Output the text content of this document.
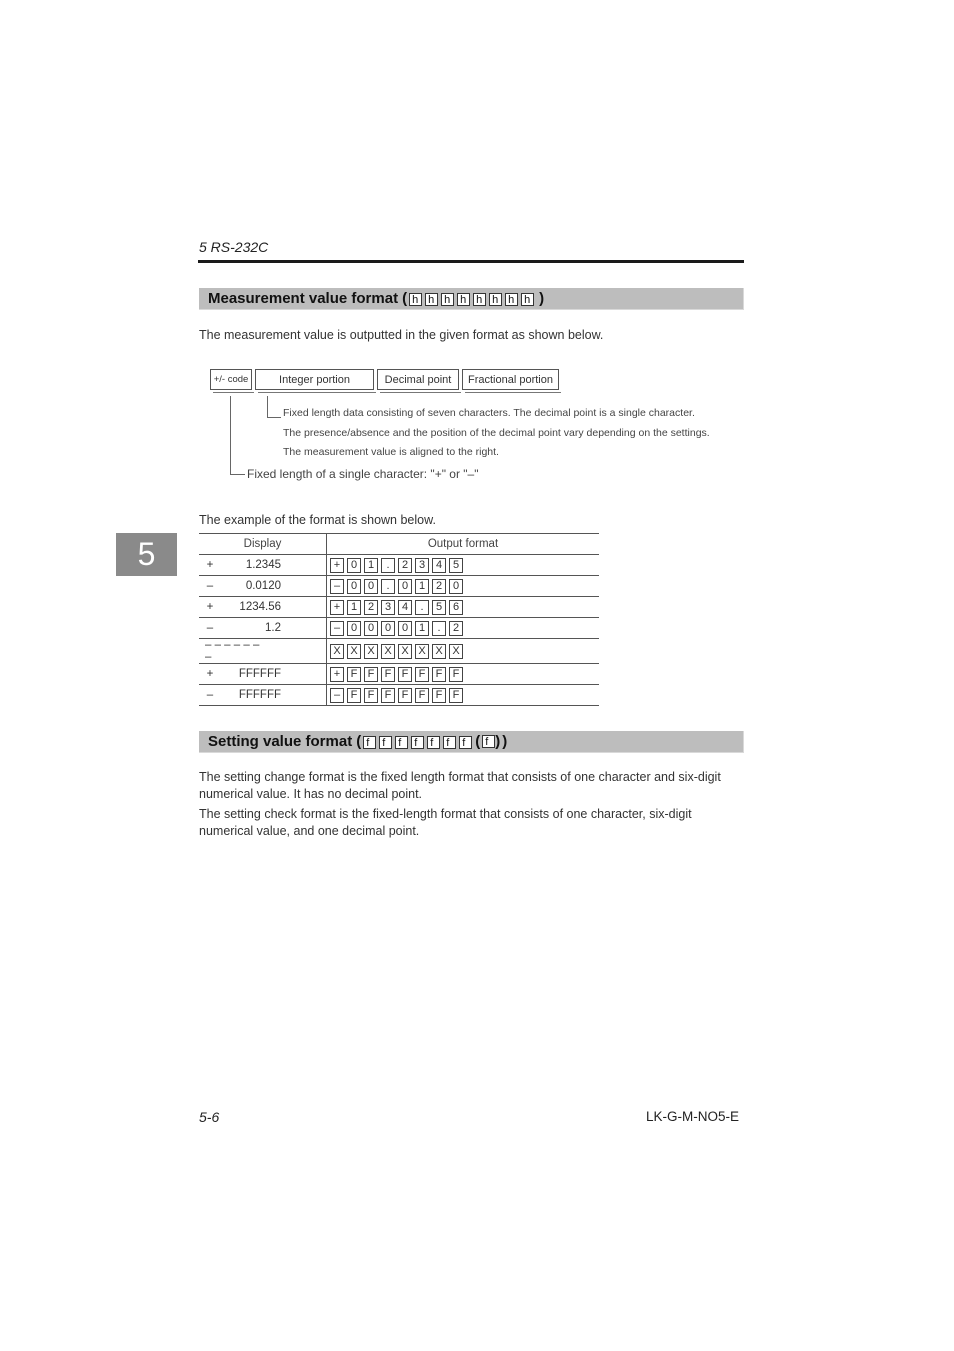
5 RS-232C
Measurement value format ( h h h h h h h h )
The measurement value is outputted in the given format as shown below.
+/- code	Integer portion	Decimal point	Fractional portion
Fixed length data consisting of seven characters. The decimal point is a single character.
The presence/absence and the position of the decimal point vary depending on the settings.
The measurement value is aligned to the right.
Fixed length of a single character: "+" or "–"
The example of the format is shown below.
5	Display	Output format

+ 1.2345	+ 0 1 . 2 3 4 5

– 0.0120	– 0 0 . 0 1 2 0

+ 1234.56	+ 1 2 3 4 . 5 6

– 1.2	– 0 0 0 0 1 . 2

– – – – – – –	X X X X X X X X

+ FFFFFF	+ F F F F F F F

– FFFFFF	– F F F F F F F
Setting value format ( f f f f f f f ( f ) )
The setting change format is the fixed length format that consists of one character and six-digit numerical value. It has no decimal point.
The setting check format is the fixed-length format that consists of one character, six-digit numerical value, and one decimal point.
5-6	LK-G-M-NO5-E
